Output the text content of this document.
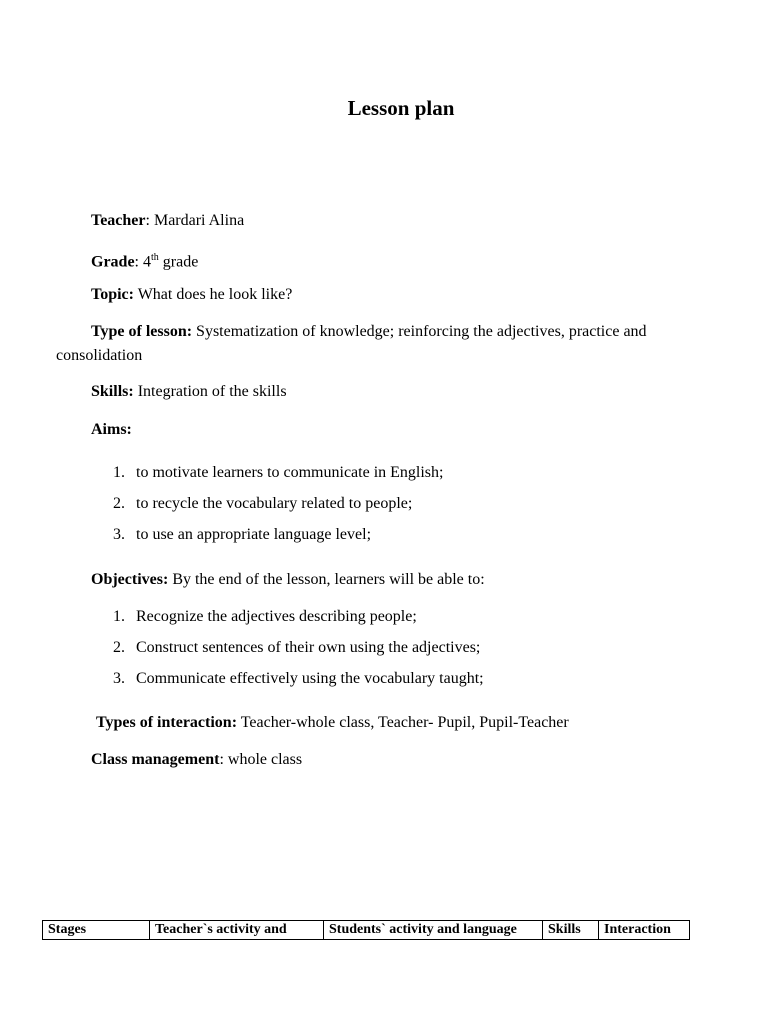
Lesson plan
Teacher: Mardari Alina
Grade: 4th grade
Topic: What does he look like?
Type of lesson: Systematization of knowledge; reinforcing the adjectives, practice and consolidation
Skills: Integration of the skills
Aims:
1. to motivate learners to communicate in English;
2. to recycle the vocabulary related to people;
3. to use an appropriate language level;
Objectives: By the end of the lesson, learners will be able to:
1. Recognize the adjectives describing people;
2. Construct sentences of their own using the adjectives;
3. Communicate effectively using the vocabulary taught;
Types of interaction: Teacher-whole class, Teacher- Pupil, Pupil-Teacher
Class management: whole class
Stages	Teacher`s activity and	Students` activity and language	Skills	Interaction
